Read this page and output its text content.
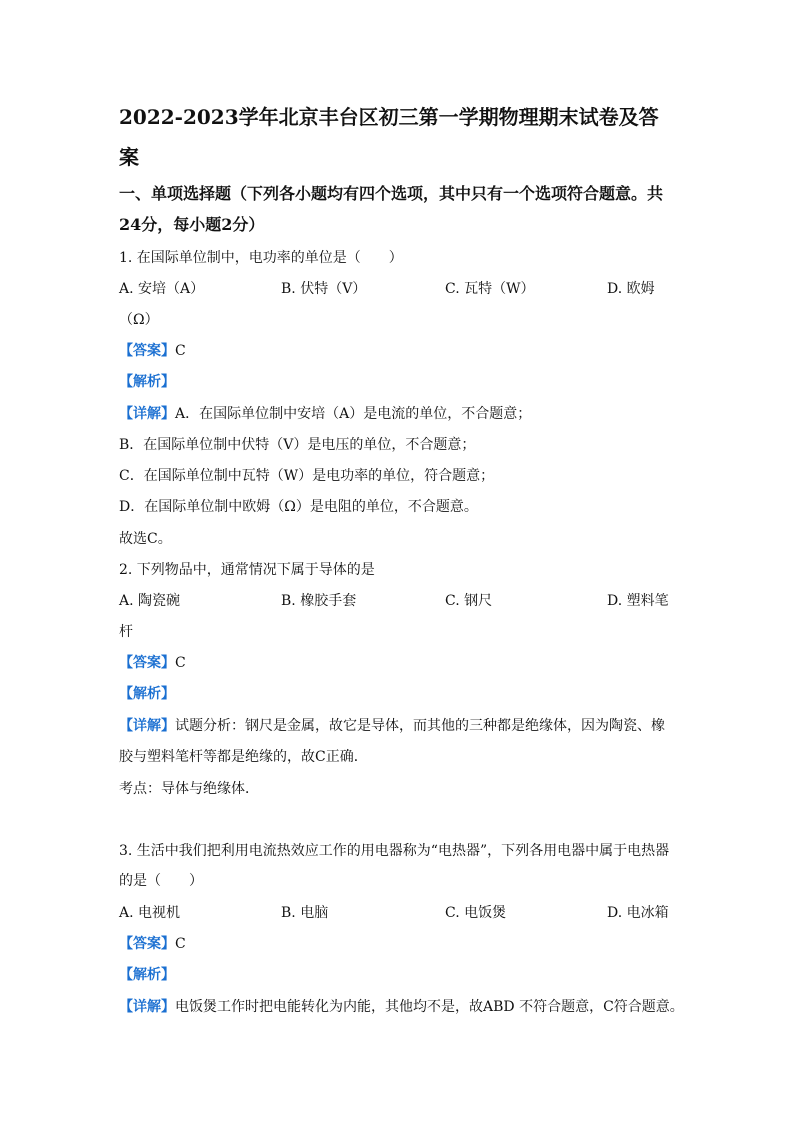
2022-2023学年北京丰台区初三第一学期物理期末试卷及答
案
一、单项选择题（下列各小题均有四个选项，其中只有一个选项符合题意。共
24分，每小题2分）
1. 在国际单位制中，电功率的单位是（　　）
A. 安培（A）	B. 伏特（V）	C. 瓦特（W）	D. 欧姆
（Ω）
【答案】C
【解析】
【详解】A．在国际单位制中安培（A）是电流的单位，不合题意；
B．在国际单位制中伏特（V）是电压的单位，不合题意；
C．在国际单位制中瓦特（W）是电功率的单位，符合题意；
D．在国际单位制中欧姆（Ω）是电阻的单位，不合题意。
故选C。
2. 下列物品中，通常情况下属于导体的是
A. 陶瓷碗	B. 橡胶手套	C. 钢尺	D. 塑料笔
杆
【答案】C
【解析】
【详解】试题分析：钢尺是金属，故它是导体，而其他的三种都是绝缘体，因为陶瓷、橡
胶与塑料笔杆等都是绝缘的，故C正确．
考点：导体与绝缘体．
3. 生活中我们把利用电流热效应工作的用电器称为“电热器”，下列各用电器中属于电热器
的是（　　）
A. 电视机	B. 电脑	C. 电饭煲	D. 电冰箱
【答案】C
【解析】
【详解】电饭煲工作时把电能转化为内能，其他均不是，故ABD 不符合题意，C符合题意。
